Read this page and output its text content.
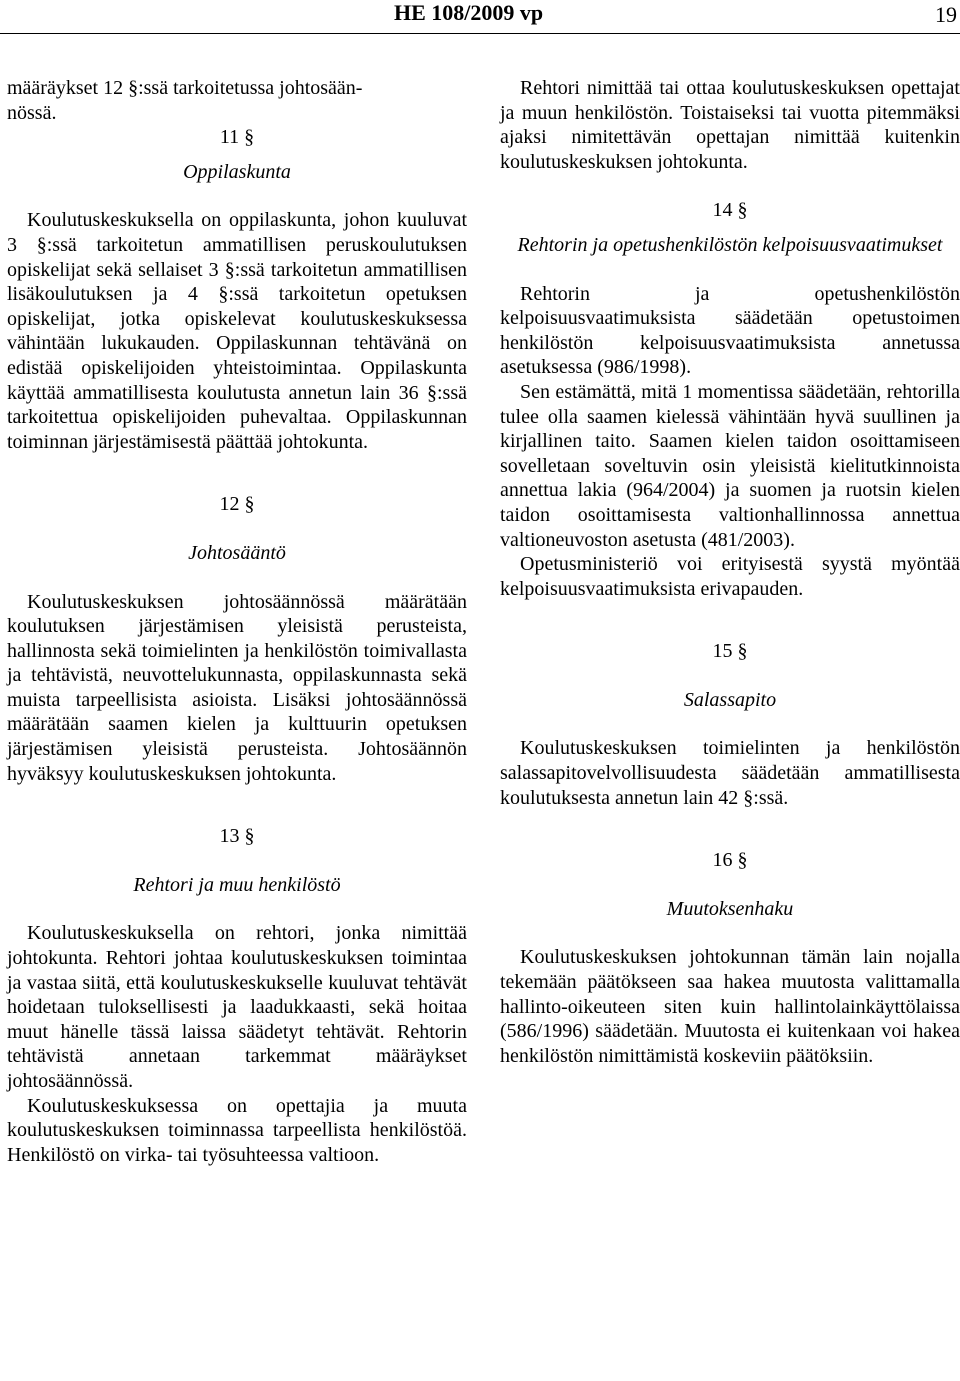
HE 108/2009 vp	19

määräykset 12 §:ssä tarkoitetussa johtosään-

nössä.

11 §

Oppilaskunta

Koulutuskeskuksella on oppilaskunta, johon kuuluvat 3 §:ssä tarkoitetun ammatillisen peruskoulutuksen opiskelijat sekä sellaiset 3 §:ssä tarkoitetun ammatillisen lisäkoulutuksen ja 4 §:ssä tarkoitetun opetuksen opiskelijat, jotka opiskelevat koulutuskeskuksessa vähintään lukukauden. Oppilaskunnan tehtävänä on edistää opiskelijoiden yhteistoimintaa. Oppilaskunta käyttää ammatillisesta koulutusta annetun lain 36 §:ssä tarkoitettua opiskelijoiden puhevaltaa. Oppilaskunnan toiminnan järjestämisestä päättää johtokunta.

12 §

Johtosääntö

Koulutuskeskuksen johtosäännössä määrätään koulutuksen järjestämisen yleisistä perusteista, hallinnosta sekä toimielinten ja henkilöstön toimivallasta ja tehtävistä, neuvottelukunnasta, oppilaskunnasta sekä muista tarpeellisista asioista. Lisäksi johtosäännössä määrätään saamen kielen ja kulttuurin opetuksen järjestämisen yleisistä perusteista. Johtosäännön hyväksyy koulutuskeskuksen johtokunta.

13 §

Rehtori ja muu henkilöstö

Koulutuskeskuksella on rehtori, jonka nimittää johtokunta. Rehtori johtaa koulutuskeskuksen toimintaa ja vastaa siitä, että koulutuskeskukselle kuuluvat tehtävät hoidetaan tuloksellisesti ja laadukkaasti, sekä hoitaa muut hänelle tässä laissa säädetyt tehtävät. Rehtorin tehtävistä annetaan tarkemmat määräykset johtosäännössä.

Koulutuskeskuksessa on opettajia ja muuta koulutuskeskuksen toiminnassa tarpeellista henkilöstöä. Henkilöstö on virka- tai työsuhteessa valtioon.

Rehtori nimittää tai ottaa koulutuskeskuksen opettajat ja muun henkilöstön. Toistaiseksi tai vuotta pitemmäksi ajaksi nimitettävän opettajan nimittää kuitenkin koulutuskeskuksen johtokunta.

14 §

Rehtorin ja opetushenkilöstön kelpoisuusvaatimukset

Rehtorin ja opetushenkilöstön kelpoisuusvaatimuksista säädetään opetustoimen henkilöstön kelpoisuusvaatimuksista annetussa asetuksessa (986/1998).

Sen estämättä, mitä 1 momentissa säädetään, rehtorilla tulee olla saamen kielessä vähintään hyvä suullinen ja kirjallinen taito. Saamen kielen taidon osoittamiseen sovelletaan soveltuvin osin yleisistä kielitutkinnoista annettua lakia (964/2004) ja suomen ja ruotsin kielen taidon osoittamisesta valtionhallinnossa annettua valtioneuvoston asetusta (481/2003).

Opetusministeriö voi erityisestä syystä myöntää kelpoisuusvaatimuksista erivapauden.

15 §

Salassapito

Koulutuskeskuksen toimielinten ja henkilöstön salassapitovelvollisuudesta säädetään ammatillisesta koulutuksesta annetun lain 42 §:ssä.

16 §

Muutoksenhaku

Koulutuskeskuksen johtokunnan tämän lain nojalla tekemään päätökseen saa hakea muutosta valittamalla hallinto-oikeuteen siten kuin hallintolainkäyttölaissa (586/1996) säädetään. Muutosta ei kuitenkaan voi hakea henkilöstön nimittämistä koskeviin päätöksiin.
